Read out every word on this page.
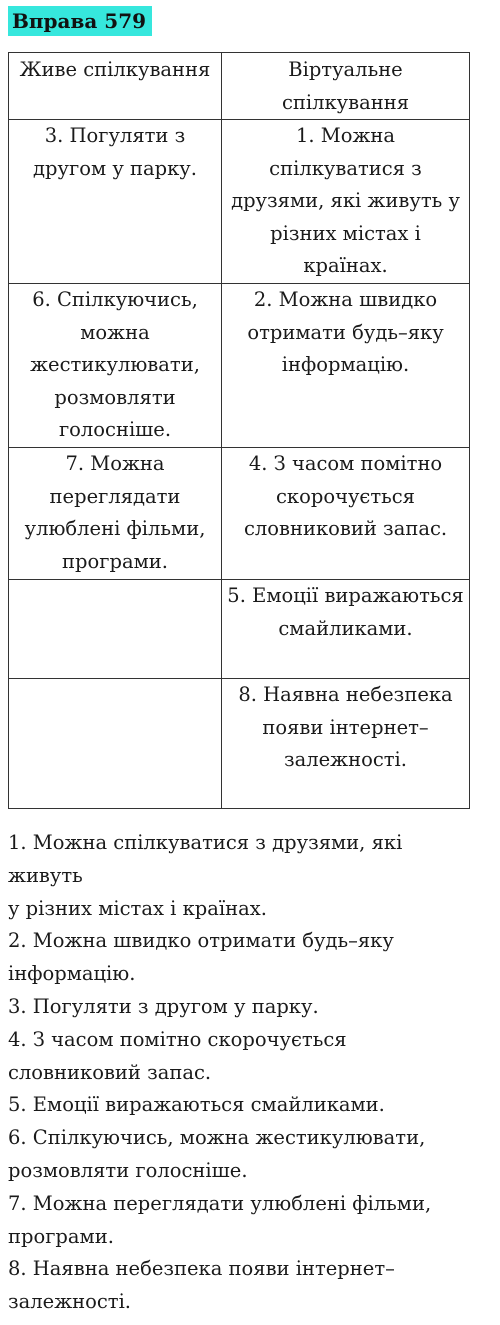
Вправа 579
Живе спілкування	Віртуальне спілкування
3. Погуляти з другом у парку.	1. Можна спілкуватися з друзями, які живуть у різних містах і країнах.
6. Спілкуючись, можна жестикулювати, розмовляти голосніше.	2. Можна швидко отримати будь–яку інформацію.
7. Можна переглядати улюблені фільми, програми.	4. З часом помітно скорочується словниковий запас.
	5. Емоції виражаються смайликами.
	8. Наявна небезпека появи інтернет–залежності.
1. Можна спілкуватися з друзями, які
живуть
у різних містах і країнах.
2. Можна швидко отримати будь–яку
інформацію.
3. Погуляти з другом у парку.
4. З часом помітно скорочується
словниковий запас.
5. Емоції виражаються смайликами.
6. Спілкуючись, можна жестикулювати,
розмовляти голосніше.
7. Можна переглядати улюблені фільми,
програми.
8. Наявна небезпека появи інтернет–
залежності.
